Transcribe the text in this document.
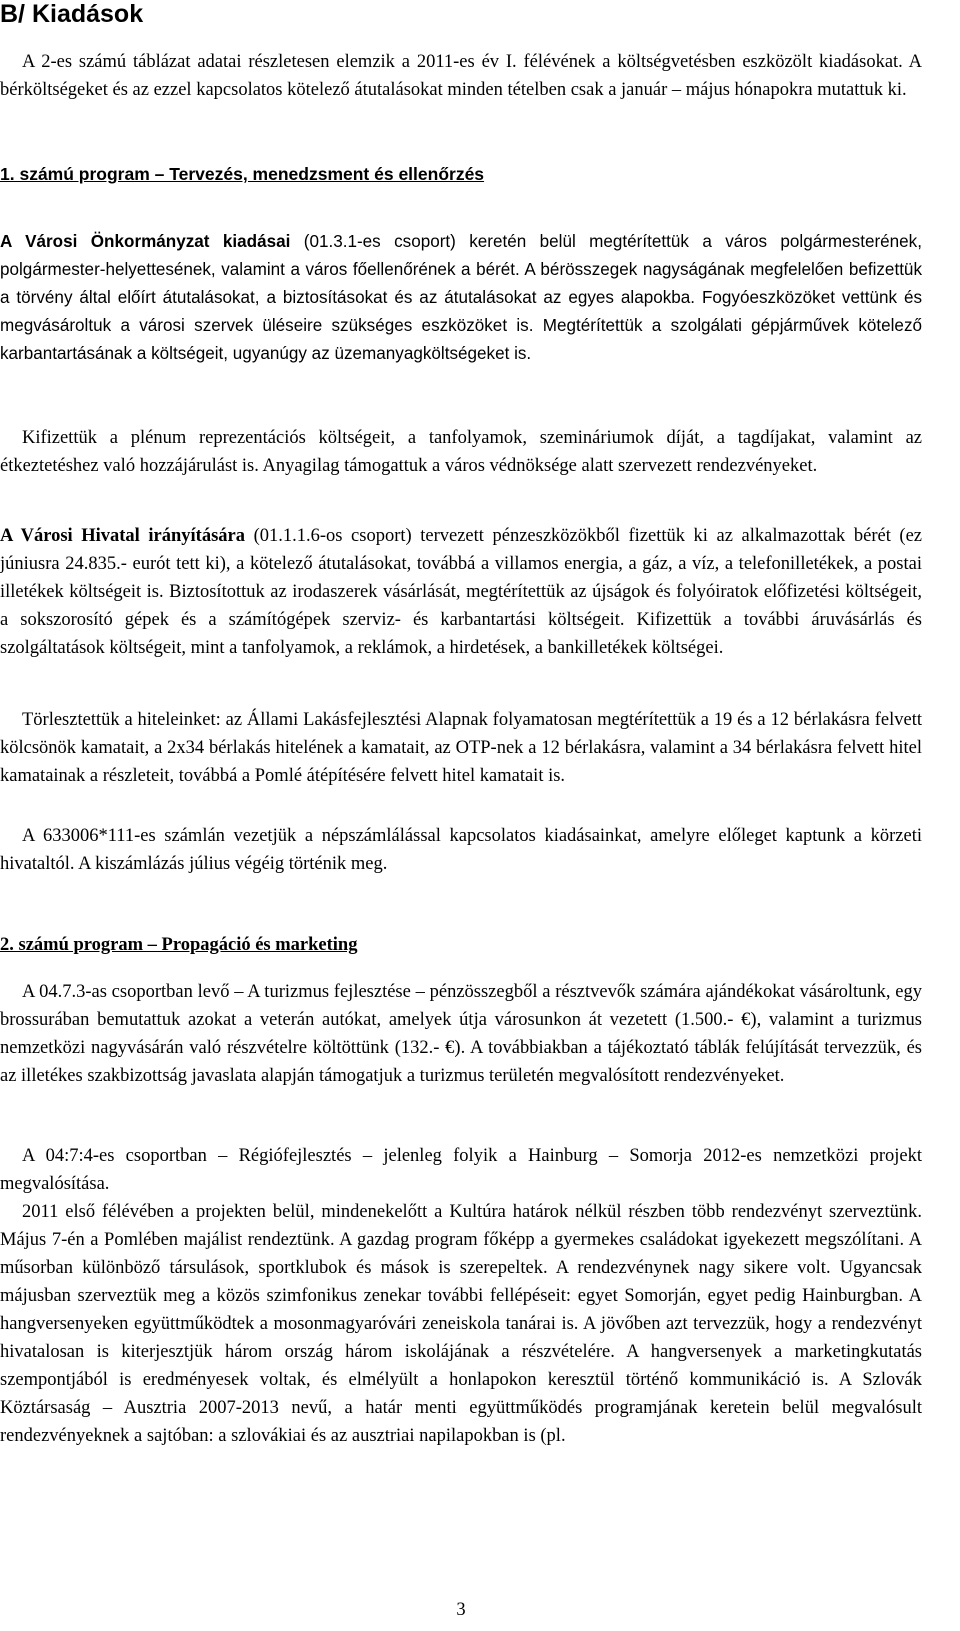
B/ Kiadások

A 2-es számú táblázat adatai részletesen elemzik a 2011-es év I. félévének a költségvetésben eszközölt kiadásokat. A bérköltségeket és az ezzel kapcsolatos kötelező átutalásokat minden tételben csak a január – május hónapokra mutattuk ki.

1. számú program – Tervezés, menedzsment és ellenőrzés

A Városi Önkormányzat kiadásai (01.3.1-es csoport) keretén belül megtérítettük a város polgármesterének, polgármester-helyettesének, valamint a város főellenőrének a bérét. A bérösszegek nagyságának megfelelően befizettük a törvény által előírt átutalásokat, a biztosításokat és az átutalásokat az egyes alapokba. Fogyóeszközöket vettünk és megvásároltuk a városi szervek üléseire szükséges eszközöket is. Megtérítettük a szolgálati gépjárművek kötelező karbantartásának a költségeit, ugyanúgy az üzemanyagköltségeket is.

Kifizettük a plénum reprezentációs költségeit, a tanfolyamok, szemináriumok díját, a tagdíjakat, valamint az étkeztetéshez való hozzájárulást is. Anyagilag támogattuk a város védnöksége alatt szervezett rendezvényeket.

A Városi Hivatal irányítására (01.1.1.6-os csoport) tervezett pénzeszközökből fizettük ki az alkalmazottak bérét (ez júniusra 24.835.- eurót tett ki), a kötelező átutalásokat, továbbá a villamos energia, a gáz, a víz, a telefonilletékek, a postai illetékek költségeit is. Biztosítottuk az irodaszerek vásárlását, megtérítettük az újságok és folyóiratok előfizetési költségeit, a sokszorosító gépek és a számítógépek szerviz- és karbantartási költségeit. Kifizettük a további áruvásárlás és szolgáltatások költségeit, mint a tanfolyamok, a reklámok, a hirdetések, a bankilletékek költségei.

Törlesztettük a hiteleinket: az Állami Lakásfejlesztési Alapnak folyamatosan megtérítettük a 19 és a 12 bérlakásra felvett kölcsönök kamatait, a 2x34 bérlakás hitelének a kamatait, az OTP-nek a 12 bérlakásra, valamint a 34 bérlakásra felvett hitel kamatainak a részleteit, továbbá a Pomlé átépítésére felvett hitel kamatait is.

A 633006*111-es számlán vezetjük a népszámlálással kapcsolatos kiadásainkat, amelyre előleget kaptunk a körzeti hivataltól. A kiszámlázás július végéig történik meg.

2. számú program – Propagáció és marketing

A 04.7.3-as csoportban levő – A turizmus fejlesztése – pénzösszegből a résztvevők számára ajándékokat vásároltunk, egy brossurában bemutattuk azokat a veterán autókat, amelyek útja városunkon át vezetett (1.500.- €), valamint a turizmus nemzetközi nagyvásárán való részvételre költöttünk (132.- €). A továbbiakban a tájékoztató táblák felújítását tervezzük, és az illetékes szakbizottság javaslata alapján támogatjuk a turizmus területén megvalósított rendezvényeket.

A 04:7:4-es csoportban – Régiófejlesztés – jelenleg folyik a Hainburg – Somorja 2012-es nemzetközi projekt megvalósítása.

2011 első félévében a projekten belül, mindenekelőtt a Kultúra határok nélkül részben több rendezvényt szerveztünk. Május 7-én a Pomlében majálist rendeztünk. A gazdag program főképp a gyermekes családokat igyekezett megszólítani. A műsorban különböző társulások, sportklubok és mások is szerepeltek. A rendezvénynek nagy sikere volt. Ugyancsak májusban szerveztük meg a közös szimfonikus zenekar további fellépéseit: egyet Somorján, egyet pedig Hainburgban. A hangversenyeken együttműködtek a mosonmagyaróvári zeneiskola tanárai is. A jövőben azt tervezzük, hogy a rendezvényt hivatalosan is kiterjesztjük három ország három iskolájának a részvételére. A hangversenyek a marketingkutatás szempontjából is eredményesek voltak, és elmélyült a honlapokon keresztül történő kommunikáció is. A Szlovák Köztársaság – Ausztria 2007-2013 nevű, a határ menti együttműködés programjának keretein belül megvalósult rendezvényeknek a sajtóban: a szlovákiai és az ausztriai napilapokban is (pl.

3
